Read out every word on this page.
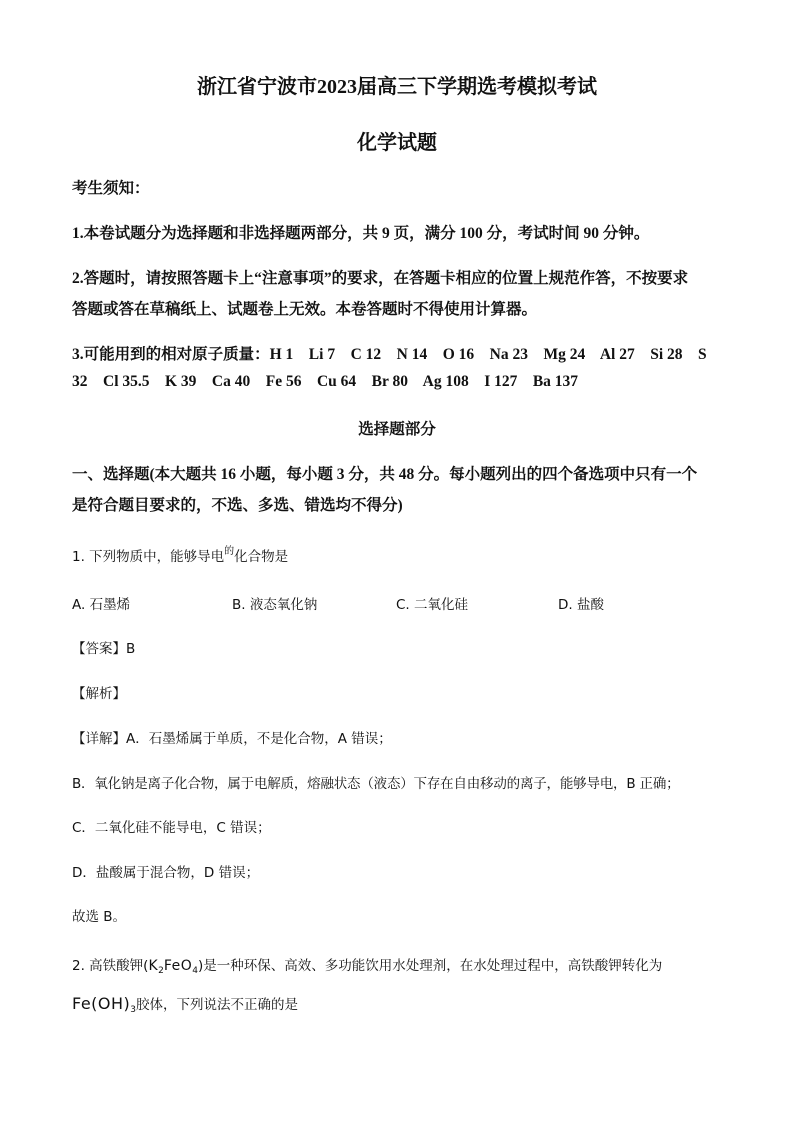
浙江省宁波市2023届高三下学期选考模拟考试
化学试题
考生须知：
1.本卷试题分为选择题和非选择题两部分，共 9 页，满分 100 分，考试时间 90 分钟。
2.答题时，请按照答题卡上“注意事项”的要求，在答题卡相应的位置上规范作答，不按要求
答题或答在草稿纸上、试题卷上无效。本卷答题时不得使用计算器。
3.可能用到的相对原子质量：H 1    Li 7    C 12    N 14    O 16    Na 23    Mg 24    Al 27    Si 28    S
32    Cl 35.5    K 39    Ca 40    Fe 56    Cu 64    Br 80    Ag 108    I 127    Ba 137
选择题部分
一、选择题(本大题共 16 小题，每小题 3 分，共 48 分。每小题列出的四个备选项中只有一个
是符合题目要求的，不选、多选、错选均不得分)
1. 下列物质中，能够导电$^的$化合物是
A. 石墨烯	B. 液态氧化钠	C. 二氧化硅	D. 盐酸
【答案】B
【解析】
【详解】A．石墨烯属于单质，不是化合物，A 错误；
B．氧化钠是离子化合物，属于电解质，熔融状态（液态）下存在自由移动的离子，能够导电，B 正确；
C．二氧化硅不能导电，C 错误；
D．盐酸属于混合物，D 错误；
故选 B。
2. 高铁酸钾$(K_2FeO_4)$是一种环保、高效、多功能饮用水处理剂，在水处理过程中，高铁酸钾转化为
$Fe(OH)_3$胶体，下列说法不正确的是
